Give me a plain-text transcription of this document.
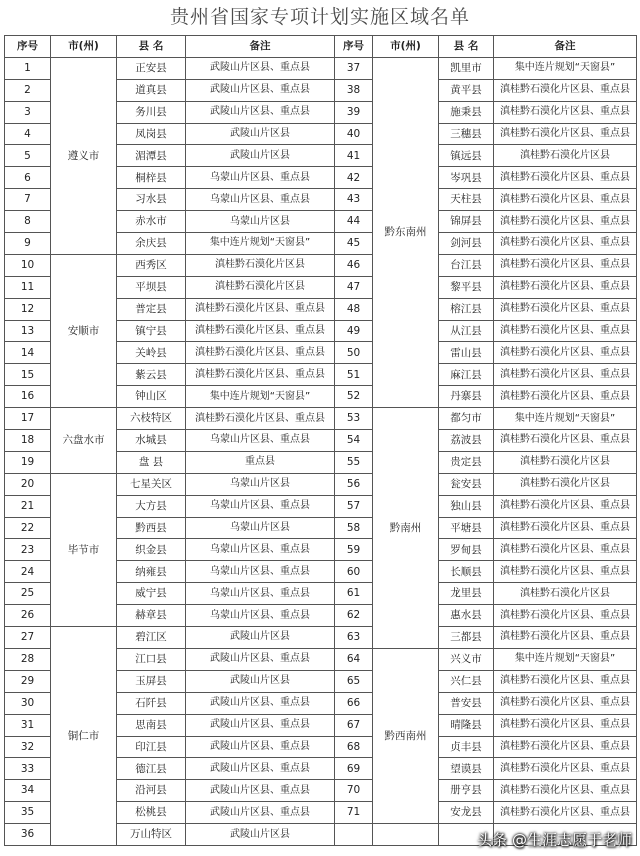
贵州省国家专项计划实施区域名单
序号	市(州)	县 名	备注	序号	市(州)	县 名	备注
1	遵义市	正安县	武陵山片区县、重点县	37	黔东南州	凯里市	集中连片规划“天窗县”
2		道真县	武陵山片区县、重点县	38		黄平县	滇桂黔石漠化片区县、重点县
3		务川县	武陵山片区县、重点县	39		施秉县	滇桂黔石漠化片区县、重点县
4		凤岗县	武陵山片区县	40		三穗县	滇桂黔石漠化片区县、重点县
5		湄潭县	武陵山片区县	41		镇远县	滇桂黔石漠化片区县
6		桐梓县	乌蒙山片区县、重点县	42		岑巩县	滇桂黔石漠化片区县、重点县
7		习水县	乌蒙山片区县、重点县	43		天柱县	滇桂黔石漠化片区县、重点县
8		赤水市	乌蒙山片区县	44		锦屏县	滇桂黔石漠化片区县、重点县
9		余庆县	集中连片规划“天窗县”	45		剑河县	滇桂黔石漠化片区县、重点县
10	安顺市	西秀区	滇桂黔石漠化片区县	46		台江县	滇桂黔石漠化片区县、重点县
11		平坝县	滇桂黔石漠化片区县	47		黎平县	滇桂黔石漠化片区县、重点县
12		普定县	滇桂黔石漠化片区县、重点县	48		榕江县	滇桂黔石漠化片区县、重点县
13		镇宁县	滇桂黔石漠化片区县、重点县	49		从江县	滇桂黔石漠化片区县、重点县
14		关岭县	滇桂黔石漠化片区县、重点县	50		雷山县	滇桂黔石漠化片区县、重点县
15		紫云县	滇桂黔石漠化片区县、重点县	51		麻江县	滇桂黔石漠化片区县、重点县
16		钟山区	集中连片规划“天窗县”	52		丹寨县	滇桂黔石漠化片区县、重点县
17	六盘水市	六枝特区	滇桂黔石漠化片区县、重点县	53	黔南州	都匀市	集中连片规划“天窗县”
18		水城县	乌蒙山片区县、重点县	54		荔波县	滇桂黔石漠化片区县、重点县
19		盘 县	重点县	55		贵定县	滇桂黔石漠化片区县
20	毕节市	七星关区	乌蒙山片区县	56		瓮安县	滇桂黔石漠化片区县
21		大方县	乌蒙山片区县、重点县	57		独山县	滇桂黔石漠化片区县、重点县
22		黔西县	乌蒙山片区县	58		平塘县	滇桂黔石漠化片区县、重点县
23		织金县	乌蒙山片区县、重点县	59		罗甸县	滇桂黔石漠化片区县、重点县
24		纳雍县	乌蒙山片区县、重点县	60		长顺县	滇桂黔石漠化片区县、重点县
25		威宁县	乌蒙山片区县、重点县	61		龙里县	滇桂黔石漠化片区县
26		赫章县	乌蒙山片区县、重点县	62		惠水县	滇桂黔石漠化片区县、重点县
27	铜仁市	碧江区	武陵山片区县	63		三都县	滇桂黔石漠化片区县、重点县
28		江口县	武陵山片区县、重点县	64	黔西南州	兴义市	集中连片规划“天窗县”
29		玉屏县	武陵山片区县	65		兴仁县	滇桂黔石漠化片区县、重点县
30		石阡县	武陵山片区县、重点县	66		普安县	滇桂黔石漠化片区县、重点县
31		思南县	武陵山片区县、重点县	67		晴隆县	滇桂黔石漠化片区县、重点县
32		印江县	武陵山片区县、重点县	68		贞丰县	滇桂黔石漠化片区县、重点县
33		德江县	武陵山片区县、重点县	69		望谟县	滇桂黔石漠化片区县、重点县
34		沿河县	武陵山片区县、重点县	70		册亨县	滇桂黔石漠化片区县、重点县
35		松桃县	武陵山片区县、重点县	71		安龙县	滇桂黔石漠化片区县、重点县
36		万山特区	武陵山片区县					头条 @生涯志愿于老师
